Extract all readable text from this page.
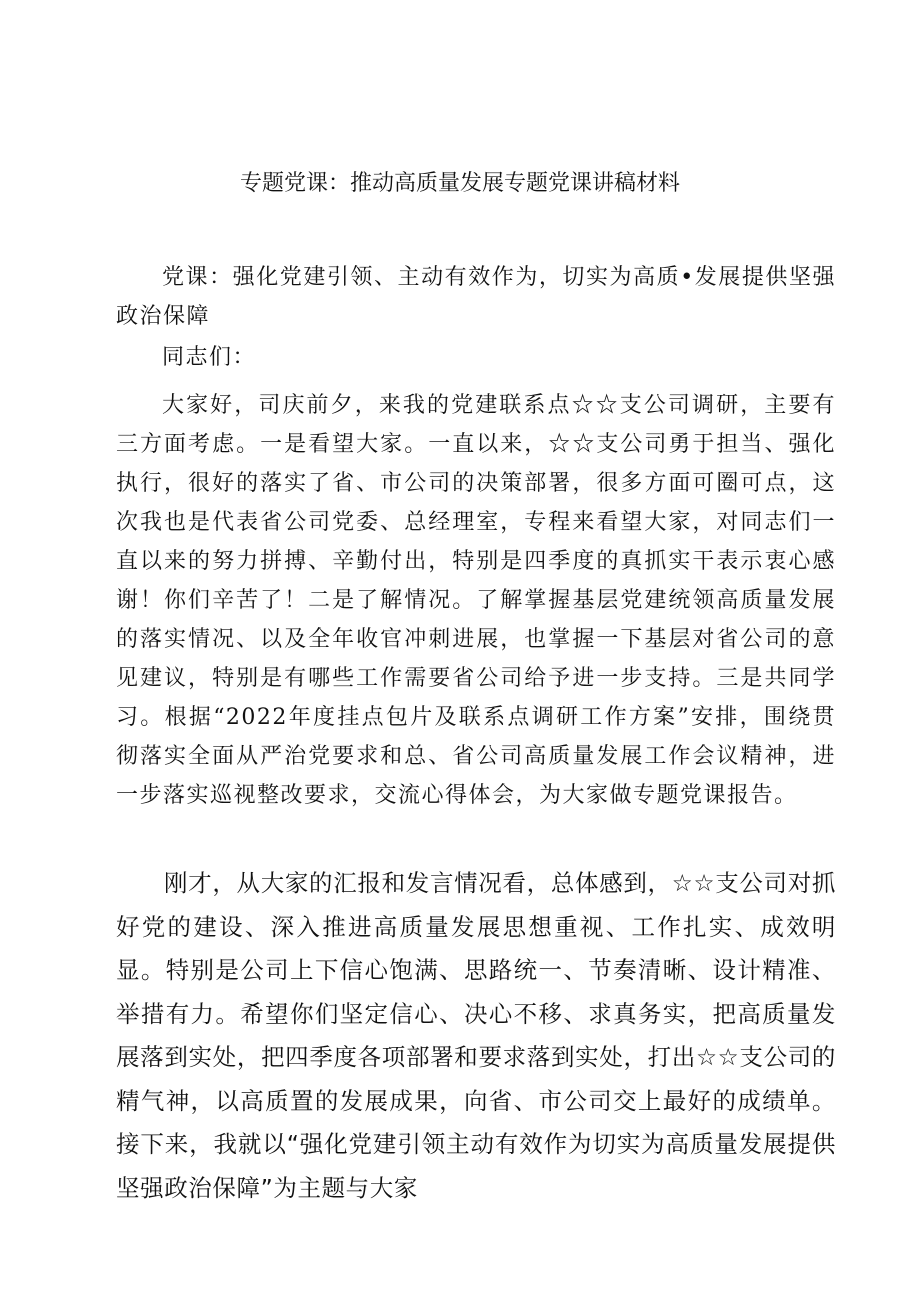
专题党课：推动高质量发展专题党课讲稿材料
党课：强化党建引领、主动有效作为，切实为高质•发展提供坚强政治保障
同志们：
大家好，司庆前夕，来我的党建联系点☆☆支公司调研，主要有三方面考虑。一是看望大家。一直以来，☆☆支公司勇于担当、强化执行，很好的落实了省、市公司的决策部署，很多方面可圈可点，这次我也是代表省公司党委、总经理室，专程来看望大家，对同志们一直以来的努力拼搏、辛勤付出，特别是四季度的真抓实干表示衷心感谢！你们辛苦了！二是了解情况。了解掌握基层党建统领高质量发展的落实情况、以及全年收官冲刺进展，也掌握一下基层对省公司的意见建议，特别是有哪些工作需要省公司给予进一步支持。三是共同学习。根据“2022年度挂点包片及联系点调研工作方案”安排，围绕贯彻落实全面从严治党要求和总、省公司高质量发展工作会议精神，进一步落实巡视整改要求，交流心得体会，为大家做专题党课报告。
刚才，从大家的汇报和发言情况看，总体感到，☆☆支公司对抓好党的建设、深入推进高质量发展思想重视、工作扎实、成效明显。特别是公司上下信心饱满、思路统一、节奏清晰、设计精准、举措有力。希望你们坚定信心、决心不移、求真务实，把高质量发展落到实处，把四季度各项部署和要求落到实处，打出☆☆支公司的精气神，以高质置的发展成果，向省、市公司交上最好的成绩单。接下来，我就以“强化党建引领主动有效作为切实为高质量发展提供坚强政治保障”为主题与大家
